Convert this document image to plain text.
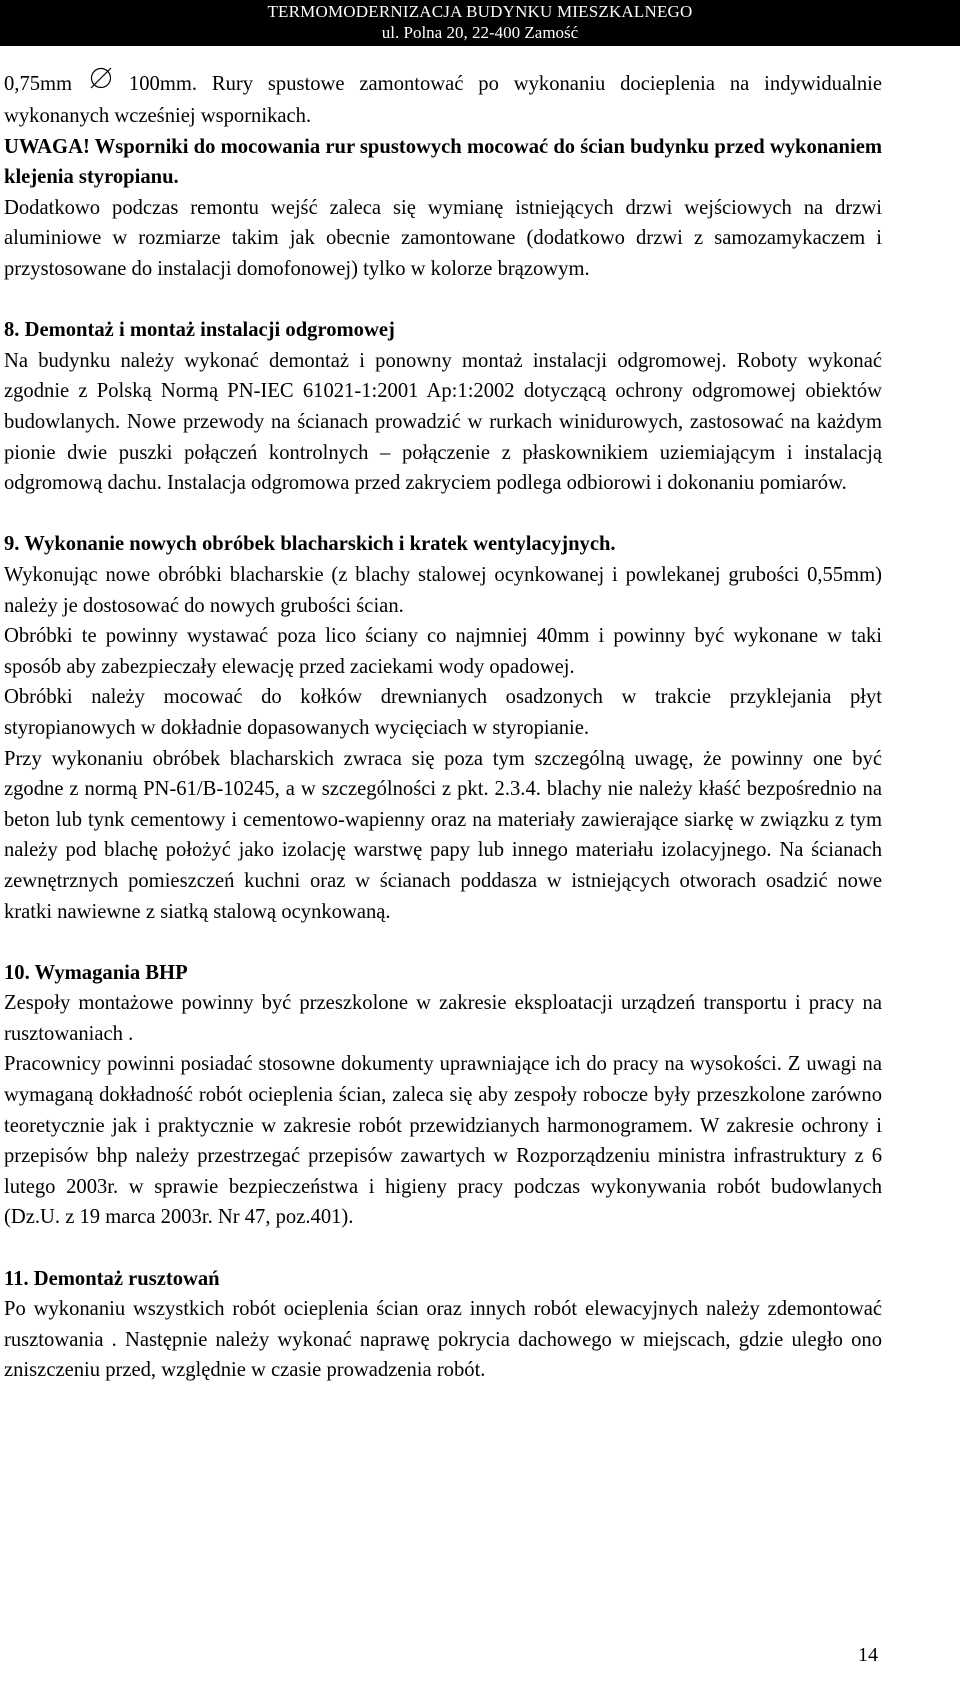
TERMOMODERNIZACJA BUDYNKU MIESZKALNEGO
ul. Polna 20, 22-400 Zamość

0,75mm 100mm. Rury spustowe zamontować po wykonaniu docieplenia na indywidualnie wykonanych wcześniej wspornikach.

UWAGA! Wsporniki do mocowania rur spustowych mocować do ścian budynku przed wykonaniem klejenia styropianu.

Dodatkowo podczas remontu wejść zaleca się wymianę istniejących drzwi wejściowych na drzwi aluminiowe w rozmiarze takim jak obecnie zamontowane (dodatkowo drzwi z samozamykaczem i przystosowane do instalacji domofonowej) tylko w kolorze brązowym.

8. Demontaż i montaż instalacji odgromowej

Na budynku należy wykonać demontaż i ponowny montaż instalacji odgromowej. Roboty wykonać zgodnie z Polską Normą PN-IEC 61021-1:2001 Ap:1:2002 dotyczącą ochrony odgromowej obiektów budowlanych. Nowe przewody na ścianach prowadzić w rurkach winidurowych, zastosować na każdym pionie dwie puszki połączeń kontrolnych – połączenie z płaskownikiem uziemiającym i instalacją odgromową dachu. Instalacja odgromowa przed zakryciem podlega odbiorowi i dokonaniu pomiarów.

9. Wykonanie nowych obróbek blacharskich i kratek wentylacyjnych.

Wykonując nowe obróbki blacharskie (z blachy stalowej ocynkowanej i powlekanej grubości 0,55mm) należy je dostosować do nowych grubości ścian.

Obróbki te powinny wystawać poza lico ściany co najmniej 40mm i powinny być wykonane w taki sposób aby zabezpieczały elewację przed zaciekami wody opadowej.

Obróbki należy mocować do kołków drewnianych osadzonych w trakcie przyklejania płyt styropianowych w dokładnie dopasowanych wycięciach w styropianie.

Przy wykonaniu obróbek blacharskich zwraca się poza tym szczególną uwagę, że powinny one być zgodne z normą PN-61/B-10245, a w szczególności z pkt. 2.3.4. blachy nie należy kłaść bezpośrednio na beton lub tynk cementowy i cementowo-wapienny oraz na materiały zawierające siarkę w związku z tym należy pod blachę położyć jako izolację warstwę papy lub innego materiału izolacyjnego. Na ścianach zewnętrznych pomieszczeń kuchni oraz w ścianach poddasza w istniejących otworach osadzić nowe kratki nawiewne z siatką stalową ocynkowaną.

10. Wymagania BHP

Zespoły montażowe powinny być przeszkolone w zakresie eksploatacji urządzeń transportu i pracy na rusztowaniach .

Pracownicy powinni posiadać stosowne dokumenty uprawniające ich do pracy na wysokości. Z uwagi na wymaganą dokładność robót ocieplenia ścian, zaleca się aby zespoły robocze były przeszkolone zarówno teoretycznie jak i praktycznie w zakresie robót przewidzianych harmonogramem. W zakresie ochrony i przepisów bhp należy przestrzegać przepisów zawartych w Rozporządzeniu ministra infrastruktury z 6 lutego 2003r. w sprawie bezpieczeństwa i higieny pracy podczas wykonywania robót budowlanych (Dz.U. z 19 marca 2003r. Nr 47, poz.401).

11. Demontaż rusztowań

Po wykonaniu wszystkich robót ocieplenia ścian oraz innych robót elewacyjnych należy zdemontować rusztowania . Następnie należy wykonać naprawę pokrycia dachowego w miejscach, gdzie uległo ono zniszczeniu przed, względnie w czasie prowadzenia robót.

14
